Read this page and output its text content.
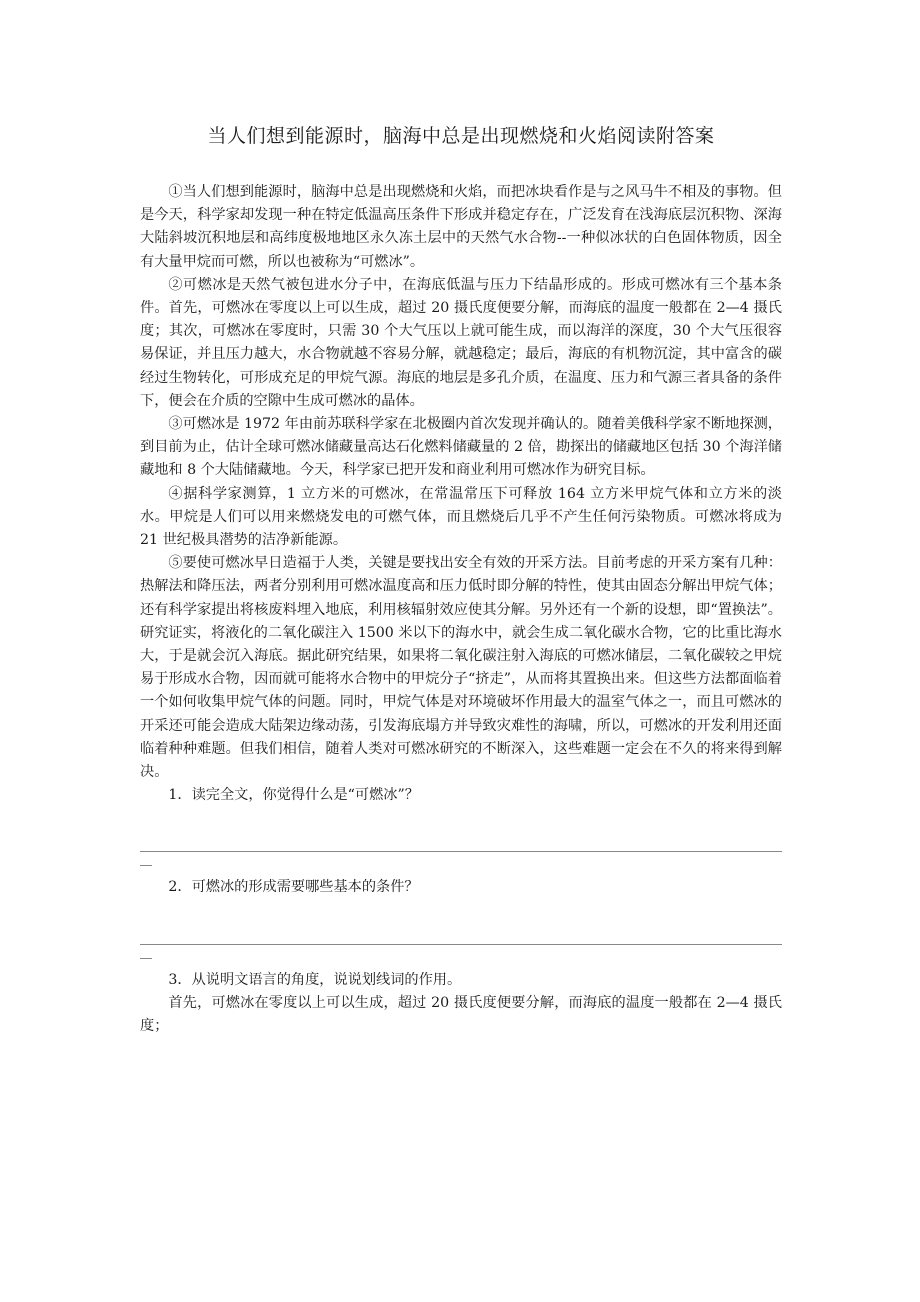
当人们想到能源时，脑海中总是出现燃烧和火焰阅读附答案

①当人们想到能源时，脑海中总是出现燃烧和火焰，而把冰块看作是与之风马牛不相及的事物。但是今天，科学家却发现一种在特定低温高压条件下形成并稳定存在，广泛发育在浅海底层沉积物、深海大陆斜坡沉积地层和高纬度极地地区永久冻土层中的天然气水合物--一种似冰状的白色固体物质，因全有大量甲烷而可燃，所以也被称为“可燃冰”。

②可燃冰是天然气被包进水分子中，在海底低温与压力下结晶形成的。形成可燃冰有三个基本条件。首先，可燃冰在零度以上可以生成，超过 20 摄氏度便要分解，而海底的温度一般都在 2—4 摄氏度；其次，可燃冰在零度时，只需 30 个大气压以上就可能生成，而以海洋的深度，30 个大气压很容易保证，并且压力越大，水合物就越不容易分解，就越稳定；最后，海底的有机物沉淀，其中富含的碳经过生物转化，可形成充足的甲烷气源。海底的地层是多孔介质，在温度、压力和气源三者具备的条件下，便会在介质的空隙中生成可燃冰的晶体。

③可燃冰是 1972 年由前苏联科学家在北极圈内首次发现并确认的。随着美俄科学家不断地探测，到目前为止，估计全球可燃冰储藏量高达石化燃料储藏量的 2 倍，勘探出的储藏地区包括 30 个海洋储藏地和 8 个大陆储藏地。今天，科学家已把开发和商业利用可燃冰作为研究目标。

④据科学家测算，1 立方米的可燃冰，在常温常压下可释放 164 立方米甲烷气体和立方米的淡水。甲烷是人们可以用来燃烧发电的可燃气体，而且燃烧后几乎不产生任何污染物质。可燃冰将成为 21 世纪极具潜势的洁净新能源。

⑤要使可燃冰早日造福于人类，关键是要找出安全有效的开采方法。目前考虑的开采方案有几种：热解法和降压法，两者分别利用可燃冰温度高和压力低时即分解的特性，使其由固态分解出甲烷气体；还有科学家提出将核废料埋入地底，利用核辐射效应使其分解。另外还有一个新的设想，即“置换法”。研究证实，将液化的二氧化碳注入 1500 米以下的海水中，就会生成二氧化碳水合物，它的比重比海水大，于是就会沉入海底。据此研究结果，如果将二氧化碳注射入海底的可燃冰储层，二氧化碳较之甲烷易于形成水合物，因而就可能将水合物中的甲烷分子“挤走”，从而将其置换出来。但这些方法都面临着一个如何收集甲烷气体的问题。同时，甲烷气体是对环境破坏作用最大的温室气体之一，而且可燃冰的开采还可能会造成大陆架边缘动荡，引发海底塌方并导致灾难性的海啸，所以，可燃冰的开发利用还面临着种种难题。但我们相信，随着人类对可燃冰研究的不断深入，这些难题一定会在不久的将来得到解决。

1．读完全文，你觉得什么是“可燃冰”？

2．可燃冰的形成需要哪些基本的条件？

3．从说明文语言的角度，说说划线词的作用。

首先，可燃冰在零度以上可以生成，超过 20 摄氏度便要分解，而海底的温度一般都在 2—4 摄氏度；
